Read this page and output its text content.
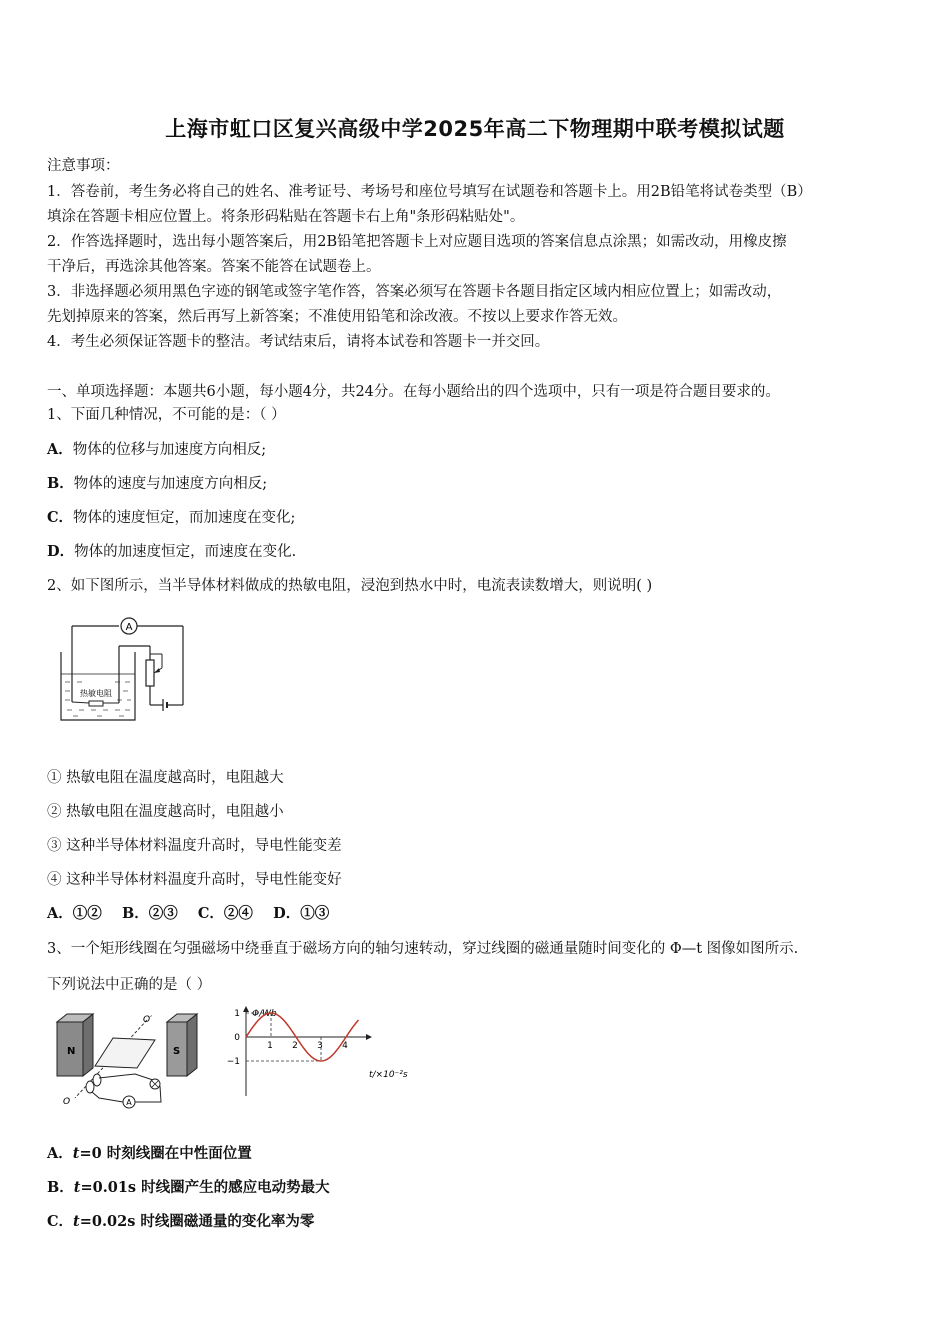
上海市虹口区复兴高级中学2025年高二下物理期中联考模拟试题
注意事项：
1．答卷前，考生务必将自己的姓名、准考证号、考场号和座位号填写在试题卷和答题卡上。用2B铅笔将试卷类型（B）
填涂在答题卡相应位置上。将条形码粘贴在答题卡右上角"条形码粘贴处"。
2．作答选择题时，选出每小题答案后，用2B铅笔把答题卡上对应题目选项的答案信息点涂黑；如需改动，用橡皮擦
干净后，再选涂其他答案。答案不能答在试题卷上。
3．非选择题必须用黑色字迹的钢笔或签字笔作答，答案必须写在答题卡各题目指定区域内相应位置上；如需改动，
先划掉原来的答案，然后再写上新答案；不准使用铅笔和涂改液。不按以上要求作答无效。
4．考生必须保证答题卡的整洁。考试结束后，请将本试卷和答题卡一并交回。
一、单项选择题：本题共6小题，每小题4分，共24分。在每小题给出的四个选项中，只有一项是符合题目要求的。
1、下面几种情况，不可能的是：（ ）
A．物体的位移与加速度方向相反;
B．物体的速度与加速度方向相反;
C．物体的速度恒定，而加速度在变化;
D．物体的加速度恒定，而速度在变化.
2、如下图所示，当半导体材料做成的热敏电阻，浸泡到热水中时，电流表读数增大，则说明( )
A
热敏电阻
① 热敏电阻在温度越高时，电阻越大
② 热敏电阻在温度越高时，电阻越小
③ 这种半导体材料温度升高时，导电性能变差
④ 这种半导体材料温度升高时，导电性能变好
A．①②    B．②③    C．②④    D．①③
3、一个矩形线圈在匀强磁场中绕垂直于磁场方向的轴匀速转动，穿过线圈的磁通量随时间变化的 Φ—t 图像如图所示.
下列说法中正确的是（ ）
N	S
O′
O	A
Φ/Wb
t/×10⁻²s
1 2 3 4
1
0
−1
A．t=0 时刻线圈在中性面位置
B．t=0.01s 时线圈产生的感应电动势最大
C．t=0.02s 时线圈磁通量的变化率为零
